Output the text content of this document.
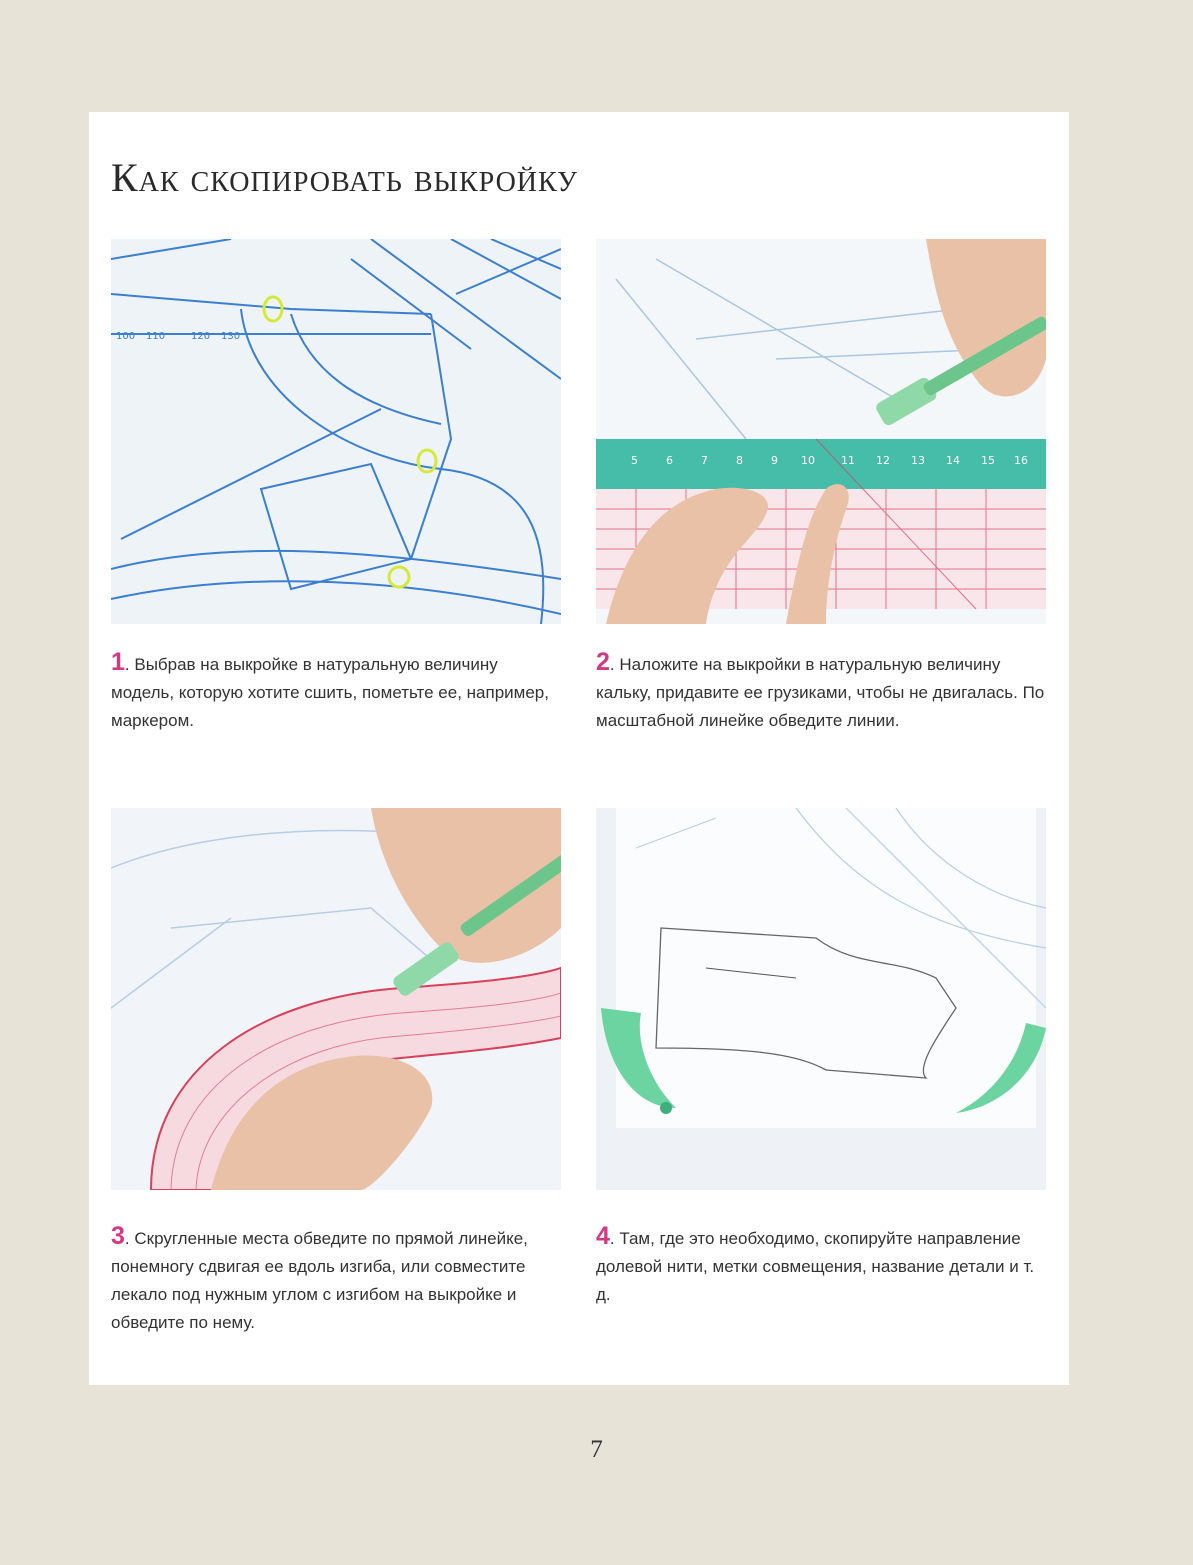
Как скопировать выкройку
100 110	120 130
5	6	7	8	9 10 11 12 13 14 15 16
1. Выбрав на выкройке в натуральную величину модель, которую хотите сшить, пометьте ее, например, маркером.
2. Наложите на выкройки в натуральную величину кальку, придавите ее грузиками, чтобы не двигалась. По масштабной линейке обведите линии.
3. Скругленные места обведите по прямой линейке, понемногу сдвигая ее вдоль изгиба, или совместите лекало под нужным углом с изгибом на выкройке и обведите по нему.
4. Там, где это необходимо, скопируйте направление долевой нити, метки совмещения, название детали и т. д.
7
